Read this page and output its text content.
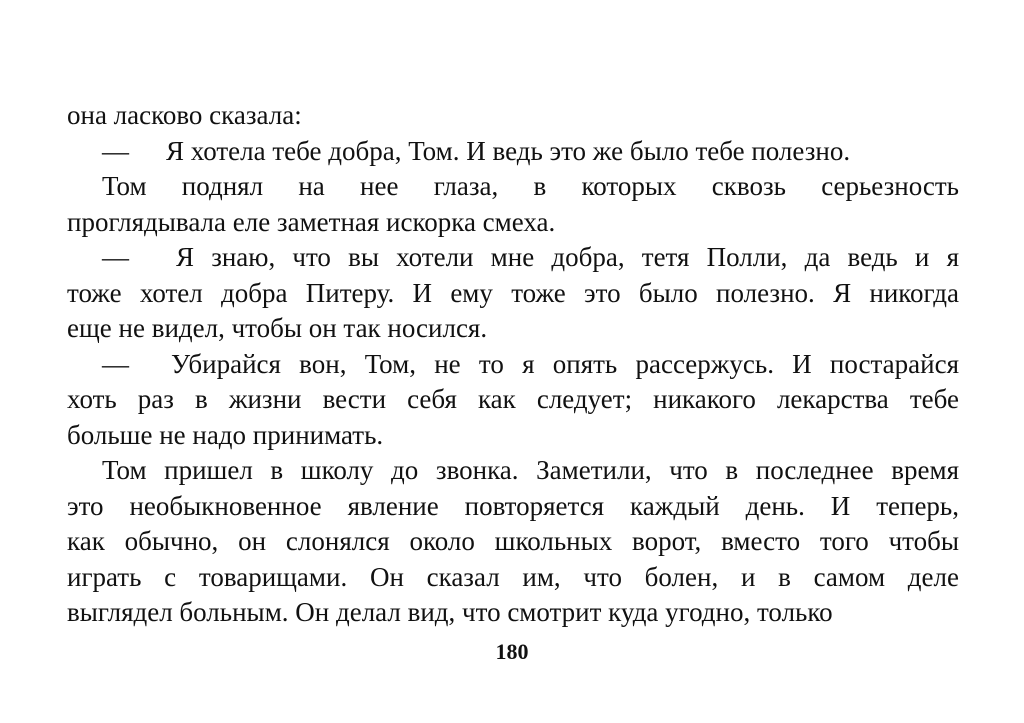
она ласково сказала:
— Я хотела тебе добра, Том. И ведь это же было тебе полезно.
Том поднял на нее глаза, в которых сквозь серьезность
проглядывала еле заметная искорка смеха.
—	Я знаю, что вы хотели мне добра, тетя Полли, да ведь и я
тоже хотел добра Питеру. И ему тоже это было полезно. Я никогда
еще не видел, чтобы он так носился.
—	Убирайся вон, Том, не то я опять рассержусь. И постарайся
хоть раз в жизни вести себя как следует; никакого лекарства тебе
больше не надо принимать.
Том пришел в школу до звонка. Заметили, что в последнее время
это необыкновенное явление повторяется каждый день. И теперь,
как обычно, он слонялся около школьных ворот, вместо того чтобы
играть с товарищами. Он сказал им, что болен, и в самом деле
выглядел больным. Он делал вид, что смотрит куда угодно, только
180
